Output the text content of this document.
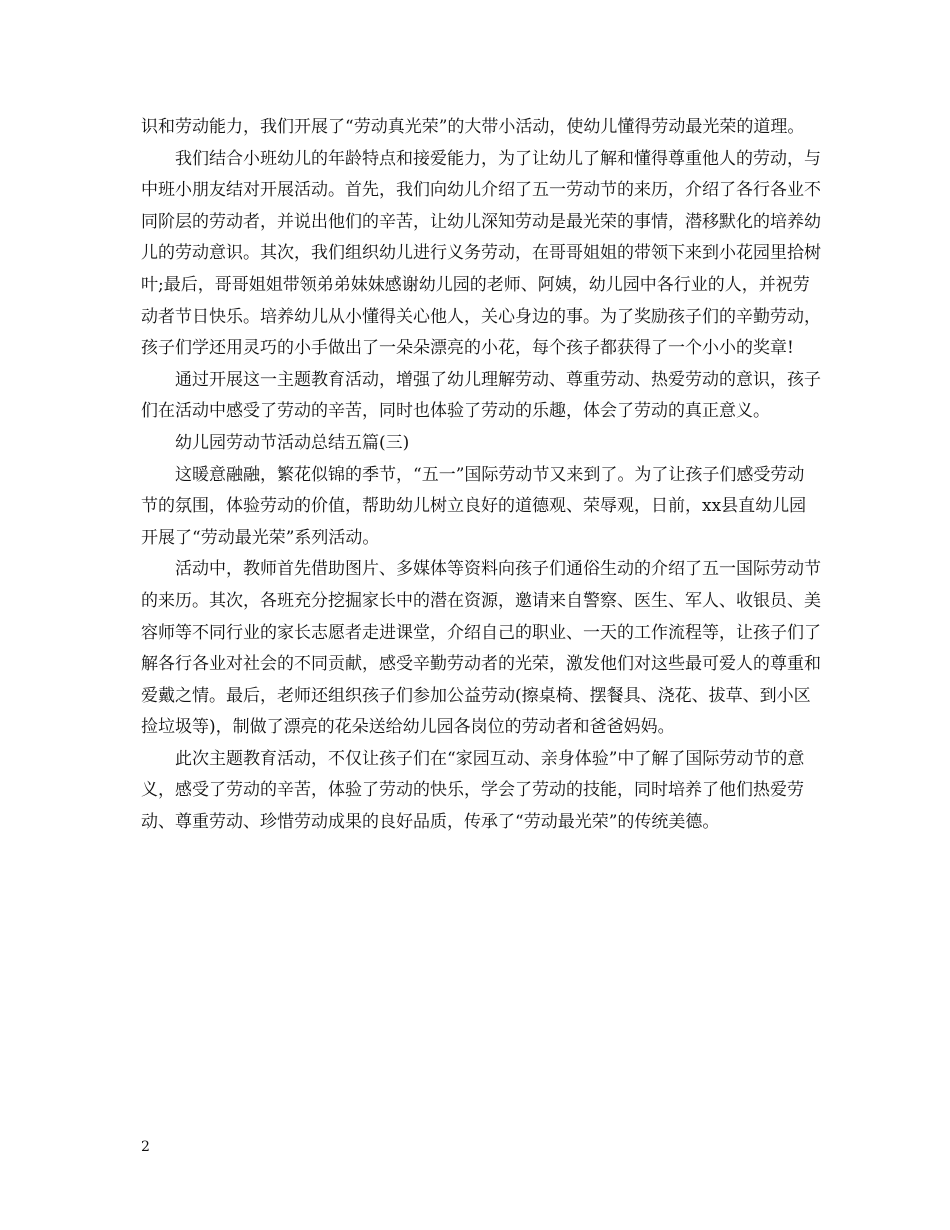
识和劳动能力，我们开展了“劳动真光荣”的大带小活动，使幼儿懂得劳动最光荣的道理。

我们结合小班幼儿的年龄特点和接爱能力，为了让幼儿了解和懂得尊重他人的劳动，与中班小朋友结对开展活动。首先，我们向幼儿介绍了五一劳动节的来历，介绍了各行各业不同阶层的劳动者，并说出他们的辛苦，让幼儿深知劳动是最光荣的事情，潜移默化的培养幼儿的劳动意识。其次，我们组织幼儿进行义务劳动，在哥哥姐姐的带领下来到小花园里拾树叶;最后，哥哥姐姐带领弟弟妹妹感谢幼儿园的老师、阿姨，幼儿园中各行业的人，并祝劳动者节日快乐。培养幼儿从小懂得关心他人，关心身边的事。为了奖励孩子们的辛勤劳动，孩子们学还用灵巧的小手做出了一朵朵漂亮的小花，每个孩子都获得了一个小小的奖章!

通过开展这一主题教育活动，增强了幼儿理解劳动、尊重劳动、热爱劳动的意识，孩子们在活动中感受了劳动的辛苦，同时也体验了劳动的乐趣，体会了劳动的真正意义。

幼儿园劳动节活动总结五篇(三)

这暖意融融，繁花似锦的季节，“五一”国际劳动节又来到了。为了让孩子们感受劳动节的氛围，体验劳动的价值，帮助幼儿树立良好的道德观、荣辱观，日前，xx县直幼儿园开展了“劳动最光荣”系列活动。

活动中，教师首先借助图片、多媒体等资料向孩子们通俗生动的介绍了五一国际劳动节的来历。其次，各班充分挖掘家长中的潜在资源，邀请来自警察、医生、军人、收银员、美容师等不同行业的家长志愿者走进课堂，介绍自己的职业、一天的工作流程等，让孩子们了解各行各业对社会的不同贡献，感受辛勤劳动者的光荣，激发他们对这些最可爱人的尊重和爱戴之情。最后，老师还组织孩子们参加公益劳动(擦桌椅、摆餐具、浇花、拔草、到小区捡垃圾等)，制做了漂亮的花朵送给幼儿园各岗位的劳动者和爸爸妈妈。

此次主题教育活动，不仅让孩子们在“家园互动、亲身体验”中了解了国际劳动节的意义，感受了劳动的辛苦，体验了劳动的快乐，学会了劳动的技能，同时培养了他们热爱劳动、尊重劳动、珍惜劳动成果的良好品质，传承了“劳动最光荣”的传统美德。

2
